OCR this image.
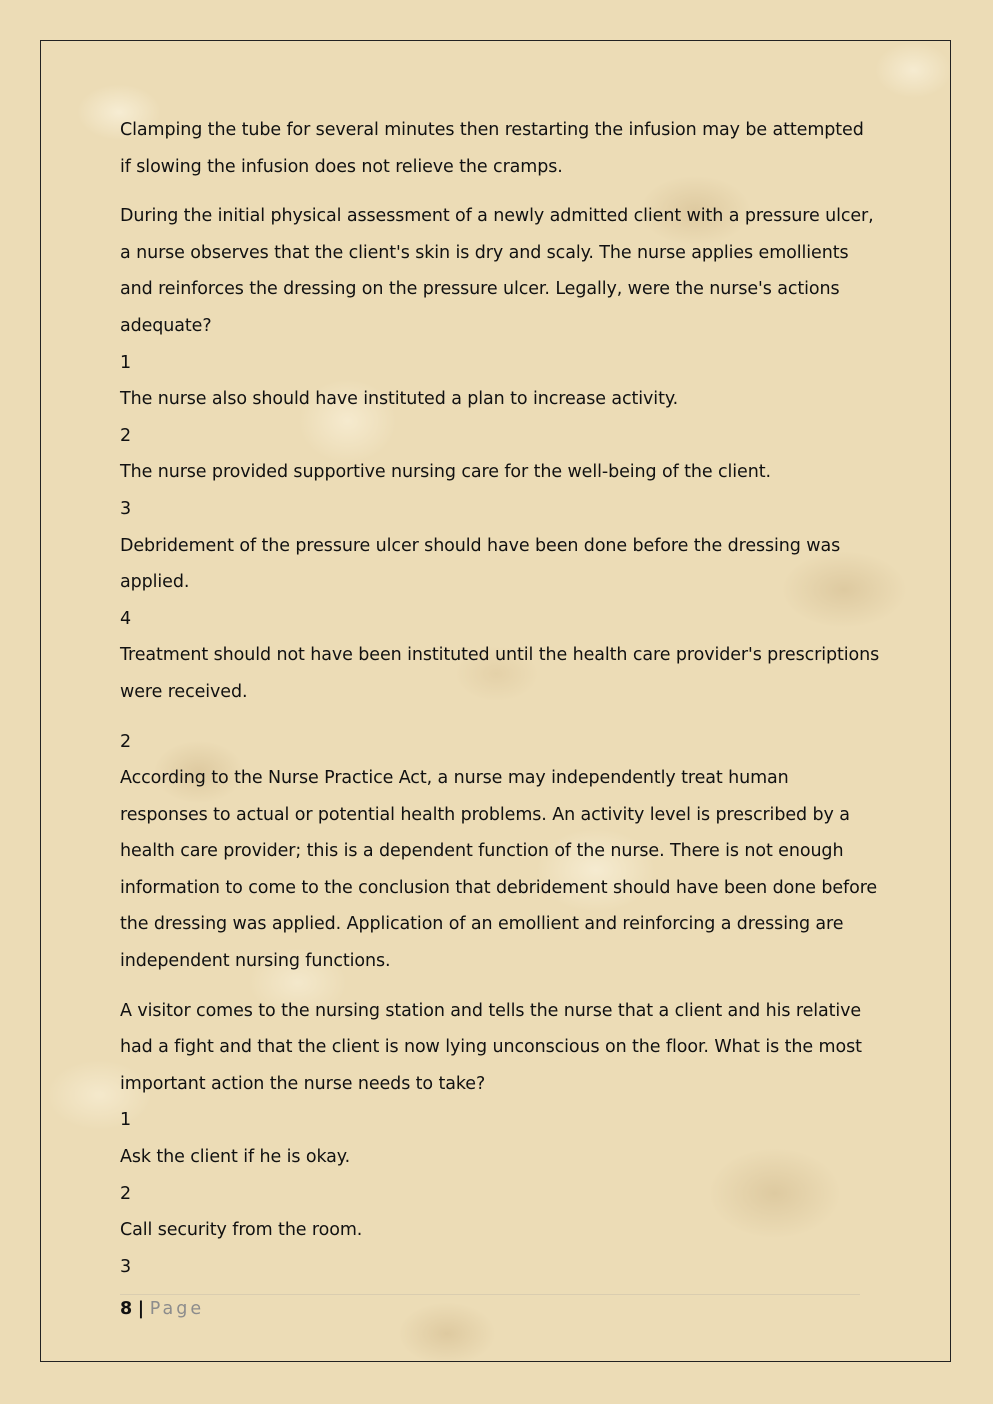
Clamping the tube for several minutes then restarting the infusion may be attempted if slowing the infusion does not relieve the cramps.

During the initial physical assessment of a newly admitted client with a pressure ulcer, a nurse observes that the client's skin is dry and scaly. The nurse applies emollients and reinforces the dressing on the pressure ulcer. Legally, were the nurse's actions adequate?

1

The nurse also should have instituted a plan to increase activity.

2

The nurse provided supportive nursing care for the well-being of the client.

3

Debridement of the pressure ulcer should have been done before the dressing was applied.

4

Treatment should not have been instituted until the health care provider's prescriptions were received.

2

According to the Nurse Practice Act, a nurse may independently treat human responses to actual or potential health problems. An activity level is prescribed by a health care provider; this is a dependent function of the nurse. There is not enough information to come to the conclusion that debridement should have been done before the dressing was applied. Application of an emollient and reinforcing a dressing are independent nursing functions.

A visitor comes to the nursing station and tells the nurse that a client and his relative had a fight and that the client is now lying unconscious on the floor. What is the most important action the nurse needs to take?

1

Ask the client if he is okay.

2

Call security from the room.

3

8 | Page
